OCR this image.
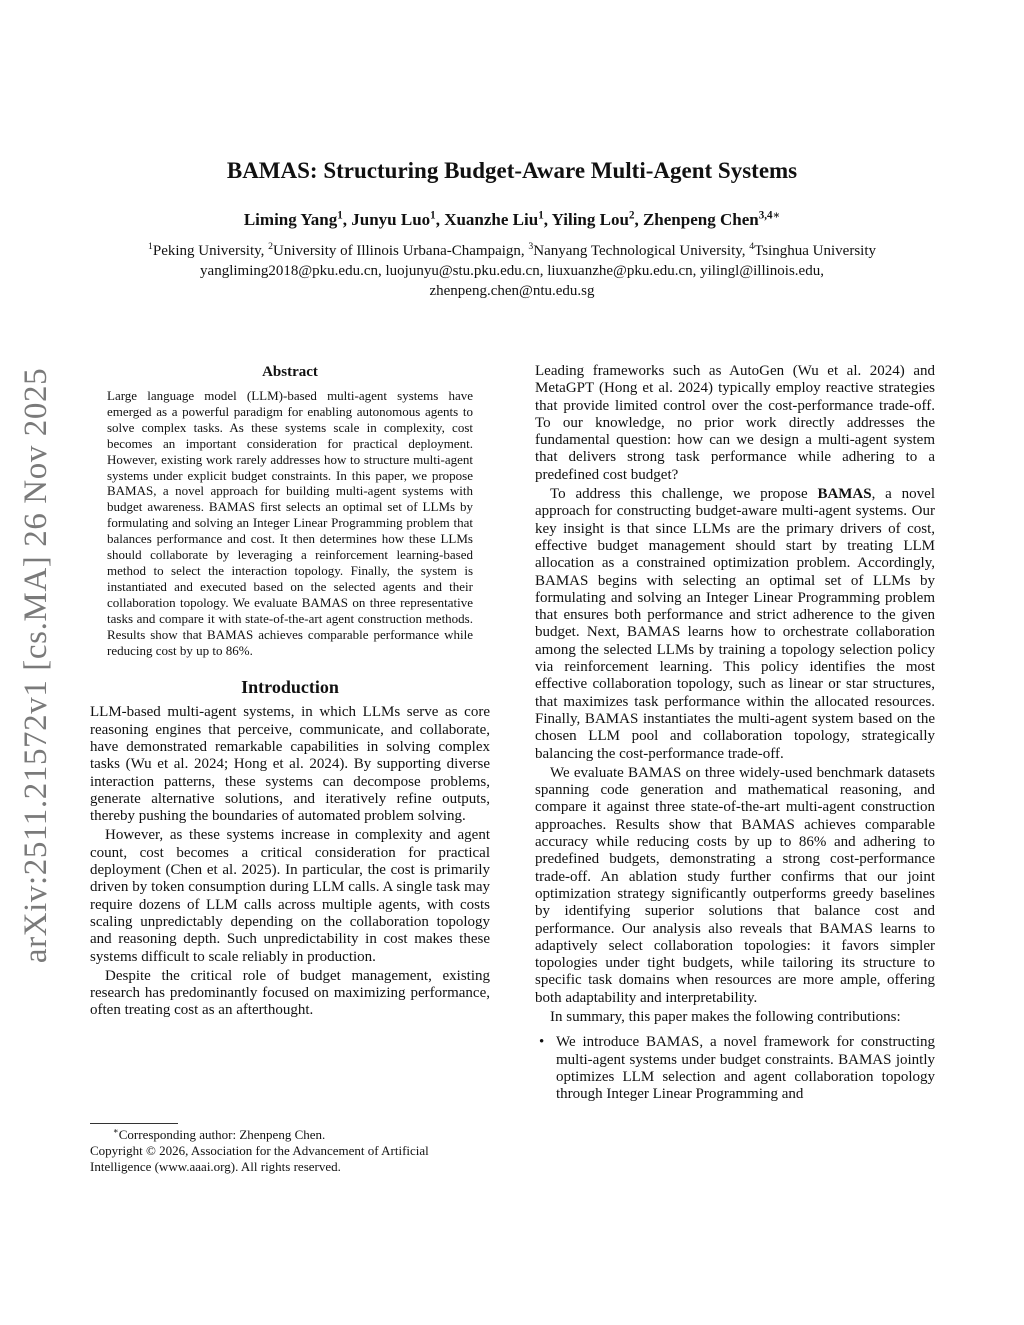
arXiv:2511.21572v1 [cs.MA] 26 Nov 2025
BAMAS: Structuring Budget-Aware Multi-Agent Systems
Liming Yang$^1$, Junyu Luo$^1$, Xuanzhe Liu$^1$, Yiling Lou$^2$, Zhenpeng Chen$^{3,4∗}$
$^1$Peking University, $^2$University of Illinois Urbana-Champaign, $^3$Nanyang Technological University, $^4$Tsinghua University
yangliming2018@pku.edu.cn, luojunyu@stu.pku.edu.cn, liuxuanzhe@pku.edu.cn, yilingl@illinois.edu,
zhenpeng.chen@ntu.edu.sg
Abstract
Large language model (LLM)-based multi-agent systems have emerged as a powerful paradigm for enabling autonomous agents to solve complex tasks. As these systems scale in complexity, cost becomes an important consideration for practical deployment. However, existing work rarely addresses how to structure multi-agent systems under explicit budget constraints. In this paper, we propose BAMAS, a novel approach for building multi-agent systems with budget awareness. BAMAS first selects an optimal set of LLMs by formulating and solving an Integer Linear Programming problem that balances performance and cost. It then determines how these LLMs should collaborate by leveraging a reinforcement learning-based method to select the interaction topology. Finally, the system is instantiated and executed based on the selected agents and their collaboration topology. We evaluate BAMAS on three representative tasks and compare it with state-of-the-art agent construction methods. Results show that BAMAS achieves comparable performance while reducing cost by up to 86%.
Introduction

LLM-based multi-agent systems, in which LLMs serve as core reasoning engines that perceive, communicate, and collaborate, have demonstrated remarkable capabilities in solving complex tasks (Wu et al. 2024; Hong et al. 2024). By supporting diverse interaction patterns, these systems can decompose problems, generate alternative solutions, and iteratively refine outputs, thereby pushing the boundaries of automated problem solving.

However, as these systems increase in complexity and agent count, cost becomes a critical consideration for practical deployment (Chen et al. 2025). In particular, the cost is primarily driven by token consumption during LLM calls. A single task may require dozens of LLM calls across multiple agents, with costs scaling unpredictably depending on the collaboration topology and reasoning depth. Such unpredictability in cost makes these systems difficult to scale reliably in production.

Despite the critical role of budget management, existing research has predominantly focused on maximizing performance, often treating cost as an afterthought.

∗Corresponding author: Zhenpeng Chen.
Copyright © 2026, Association for the Advancement of Artificial Intelligence (www.aaai.org). All rights reserved.

Leading frameworks such as AutoGen (Wu et al. 2024) and MetaGPT (Hong et al. 2024) typically employ reactive strategies that provide limited control over the cost-performance trade-off. To our knowledge, no prior work directly addresses the fundamental question: how can we design a multi-agent system that delivers strong task performance while adhering to a predefined cost budget?

To address this challenge, we propose BAMAS, a novel approach for constructing budget-aware multi-agent systems. Our key insight is that since LLMs are the primary drivers of cost, effective budget management should start by treating LLM allocation as a constrained optimization problem. Accordingly, BAMAS begins with selecting an optimal set of LLMs by formulating and solving an Integer Linear Programming problem that ensures both performance and strict adherence to the given budget. Next, BAMAS learns how to orchestrate collaboration among the selected LLMs by training a topology selection policy via reinforcement learning. This policy identifies the most effective collaboration topology, such as linear or star structures, that maximizes task performance within the allocated resources. Finally, BAMAS instantiates the multi-agent system based on the chosen LLM pool and collaboration topology, strategically balancing the cost-performance trade-off.

We evaluate BAMAS on three widely-used benchmark datasets spanning code generation and mathematical reasoning, and compare it against three state-of-the-art multi-agent construction approaches. Results show that BAMAS achieves comparable accuracy while reducing costs by up to 86% and adhering to predefined budgets, demonstrating a strong cost-performance trade-off. An ablation study further confirms that our joint optimization strategy significantly outperforms greedy baselines by identifying superior solutions that balance cost and performance. Our analysis also reveals that BAMAS learns to adaptively select collaboration topologies: it favors simpler topologies under tight budgets, while tailoring its structure to specific task domains when resources are more ample, offering both adaptability and interpretability.

In summary, this paper makes the following contributions:

• We introduce BAMAS, a novel framework for constructing multi-agent systems under budget constraints. BAMAS jointly optimizes LLM selection and agent collaboration topology through Integer Linear Programming and
